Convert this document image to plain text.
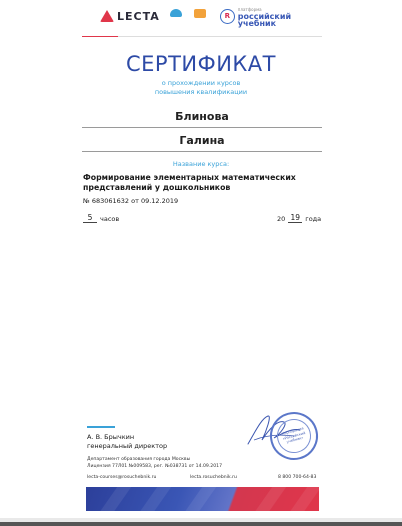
LECTA	R
платформа
российский
учебник
СЕРТИФИКАТ
о прохождении курсов
повышения квалификации
Блинова
Галина
Название курса:
Формирование элементарных математических представлений у дошкольников
№ 683061632 от 09.12.2019
5	часов	20 19 года
А. В. Брычкин
генеральный директор
Департамент образования города Москвы
Лицензия 77Л01 №009583, рег. №038731 от 14.09.2017
lecta-courses@rosuchebnik.ru	lecta.rosuchebnik.ru	8 800 700-64-83
Корпорация «Российский учебник»
